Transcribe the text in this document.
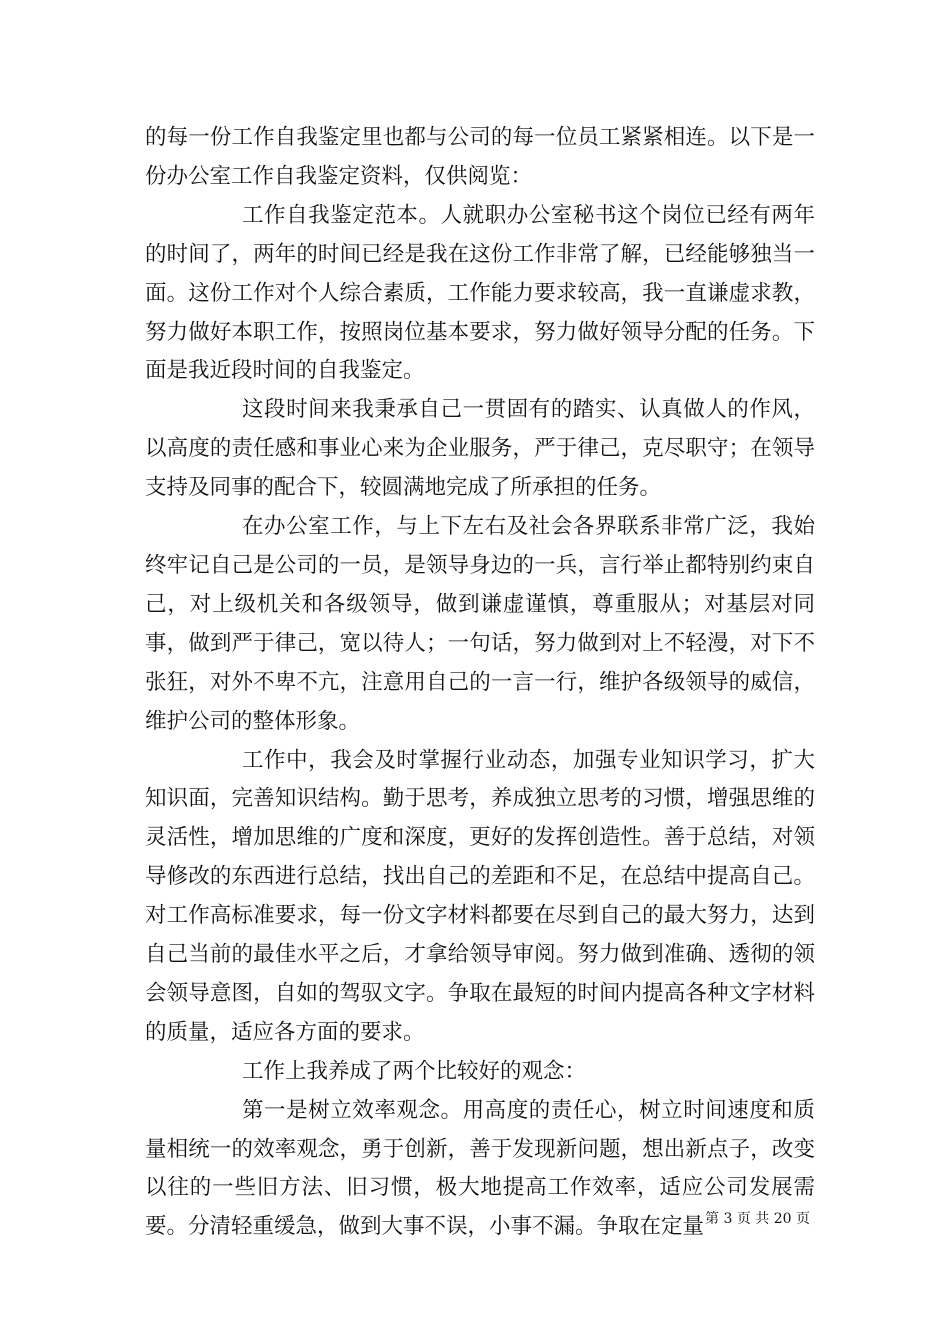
的每一份工作自我鉴定里也都与公司的每一位员工紧紧相连。以下是一份办公室工作自我鉴定资料，仅供阅览：

工作自我鉴定范本。人就职办公室秘书这个岗位已经有两年的时间了，两年的时间已经是我在这份工作非常了解，已经能够独当一面。这份工作对个人综合素质，工作能力要求较高，我一直谦虚求教，努力做好本职工作，按照岗位基本要求，努力做好领导分配的任务。下面是我近段时间的自我鉴定。

这段时间来我秉承自己一贯固有的踏实、认真做人的作风，以高度的责任感和事业心来为企业服务，严于律己，克尽职守；在领导支持及同事的配合下，较圆满地完成了所承担的任务。

在办公室工作，与上下左右及社会各界联系非常广泛，我始终牢记自己是公司的一员，是领导身边的一兵，言行举止都特别约束自己，对上级机关和各级领导，做到谦虚谨慎，尊重服从；对基层对同事，做到严于律己，宽以待人；一句话，努力做到对上不轻漫，对下不张狂，对外不卑不亢，注意用自己的一言一行，维护各级领导的威信，维护公司的整体形象。

工作中，我会及时掌握行业动态，加强专业知识学习，扩大知识面，完善知识结构。勤于思考，养成独立思考的习惯，增强思维的灵活性，增加思维的广度和深度，更好的发挥创造性。善于总结，对领导修改的东西进行总结，找出自己的差距和不足，在总结中提高自己。对工作高标准要求，每一份文字材料都要在尽到自己的最大努力，达到自己当前的最佳水平之后，才拿给领导审阅。努力做到准确、透彻的领会领导意图，自如的驾驭文字。争取在最短的时间内提高各种文字材料的质量，适应各方面的要求。

工作上我养成了两个比较好的观念：

第一是树立效率观念。用高度的责任心，树立时间速度和质量相统一的效率观念，勇于创新，善于发现新问题，想出新点子，改变以往的一些旧方法、旧习惯，极大地提高工作效率，适应公司发展需要。分清轻重缓急，做到大事不误，小事不漏。争取在定量 第 3 页 共 20 页
